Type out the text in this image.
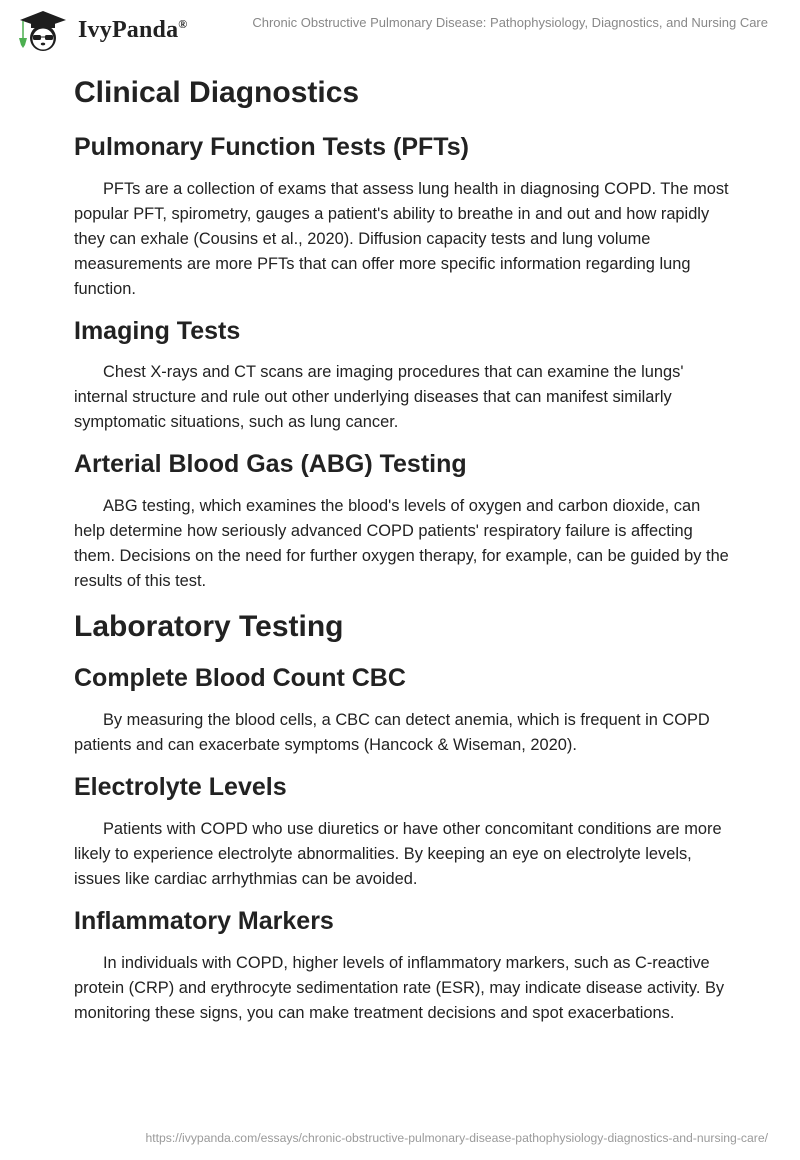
IvyPanda®	Chronic Obstructive Pulmonary Disease: Pathophysiology, Diagnostics, and Nursing Care
Clinical Diagnostics
Pulmonary Function Tests (PFTs)

PFTs are a collection of exams that assess lung health in diagnosing COPD. The most popular PFT, spirometry, gauges a patient's ability to breathe in and out and how rapidly they can exhale (Cousins et al., 2020). Diffusion capacity tests and lung volume measurements are more PFTs that can offer more specific information regarding lung function.

Imaging Tests

Chest X-rays and CT scans are imaging procedures that can examine the lungs' internal structure and rule out other underlying diseases that can manifest similarly symptomatic situations, such as lung cancer.

Arterial Blood Gas (ABG) Testing

ABG testing, which examines the blood's levels of oxygen and carbon dioxide, can help determine how seriously advanced COPD patients' respiratory failure is affecting them. Decisions on the need for further oxygen therapy, for example, can be guided by the results of this test.

Laboratory Testing
Complete Blood Count CBC

By measuring the blood cells, a CBC can detect anemia, which is frequent in COPD patients and can exacerbate symptoms (Hancock & Wiseman, 2020).

Electrolyte Levels

Patients with COPD who use diuretics or have other concomitant conditions are more likely to experience electrolyte abnormalities. By keeping an eye on electrolyte levels, issues like cardiac arrhythmias can be avoided.

Inflammatory Markers

In individuals with COPD, higher levels of inflammatory markers, such as C-reactive protein (CRP) and erythrocyte sedimentation rate (ESR), may indicate disease activity. By monitoring these signs, you can make treatment decisions and spot exacerbations.

https://ivypanda.com/essays/chronic-obstructive-pulmonary-disease-pathophysiology-diagnostics-and-nursing-care/
